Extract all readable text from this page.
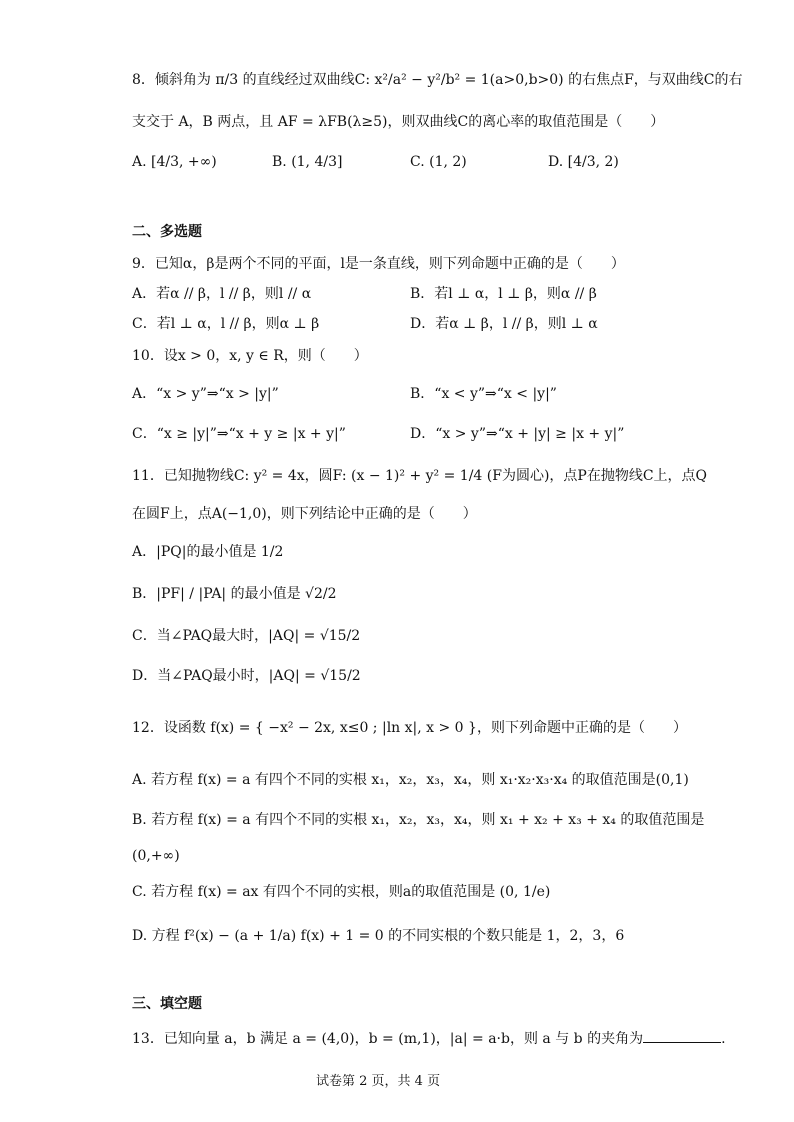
8．倾斜角为 π/3 的直线经过双曲线C: x²/a² − y²/b² = 1(a>0,b>0) 的右焦点F，与双曲线C的右
支交于 A，B 两点，且 AF = λFB(λ≥5)，则双曲线C的离心率的取值范围是（　　）
A. [4/3, +∞)	B. (1, 4/3]	C. (1, 2)	D. [4/3, 2)
二、多选题
9．已知α，β是两个不同的平面，l是一条直线，则下列命题中正确的是（　　）
A．若α // β，l // β，则l // α	B．若l ⊥ α，l ⊥ β，则α // β
C．若l ⊥ α，l // β，则α ⊥ β	D．若α ⊥ β，l // β，则l ⊥ α
10．设x > 0，x, y ∈ R，则（　　）
A．“x > y”⇒“x > |y|”	B．“x < y”⇒“x < |y|”
C．“x ≥ |y|”⇒“x + y ≥ |x + y|”	D．“x > y”⇒“x + |y| ≥ |x + y|”
11．已知抛物线C: y² = 4x，圆F: (x − 1)² + y² = 1/4 (F为圆心)，点P在抛物线C上，点Q
在圆F上，点A(−1,0)，则下列结论中正确的是（　　）
A．|PQ|的最小值是 1/2
B．|PF| / |PA| 的最小值是 √2/2
C．当∠PAQ最大时，|AQ| = √15/2
D．当∠PAQ最小时，|AQ| = √15/2
12．设函数 f(x) = { −x² − 2x, x≤0 ; |ln x|, x > 0 }，则下列命题中正确的是（　　）
A. 若方程 f(x) = a 有四个不同的实根 x₁，x₂，x₃，x₄，则 x₁·x₂·x₃·x₄ 的取值范围是(0,1)
B. 若方程 f(x) = a 有四个不同的实根 x₁，x₂，x₃，x₄，则 x₁ + x₂ + x₃ + x₄ 的取值范围是
(0,+∞)
C. 若方程 f(x) = ax 有四个不同的实根，则a的取值范围是 (0, 1/e)
D. 方程 f²(x) − (a + 1/a) f(x) + 1 = 0 的不同实根的个数只能是 1，2，3，6
三、填空题
13．已知向量 a，b 满足 a = (4,0)，b = (m,1)，|a| = a·b，则 a 与 b 的夹角为	.
试卷第 2 页，共 4 页
